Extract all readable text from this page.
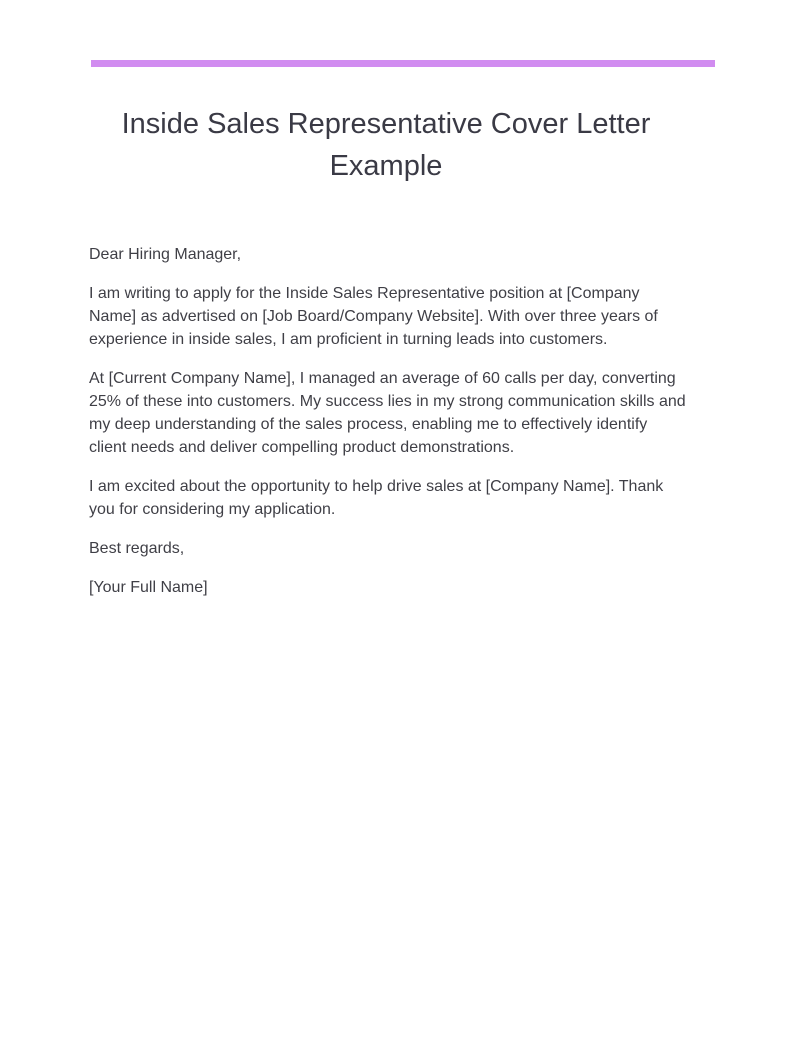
Inside Sales Representative Cover Letter Example

Dear Hiring Manager,

I am writing to apply for the Inside Sales Representative position at [Company Name] as advertised on [Job Board/Company Website]. With over three years of experience in inside sales, I am proficient in turning leads into customers.

At [Current Company Name], I managed an average of 60 calls per day, converting 25% of these into customers. My success lies in my strong communication skills and my deep understanding of the sales process, enabling me to effectively identify client needs and deliver compelling product demonstrations.

I am excited about the opportunity to help drive sales at [Company Name]. Thank you for considering my application.

Best regards,

[Your Full Name]
